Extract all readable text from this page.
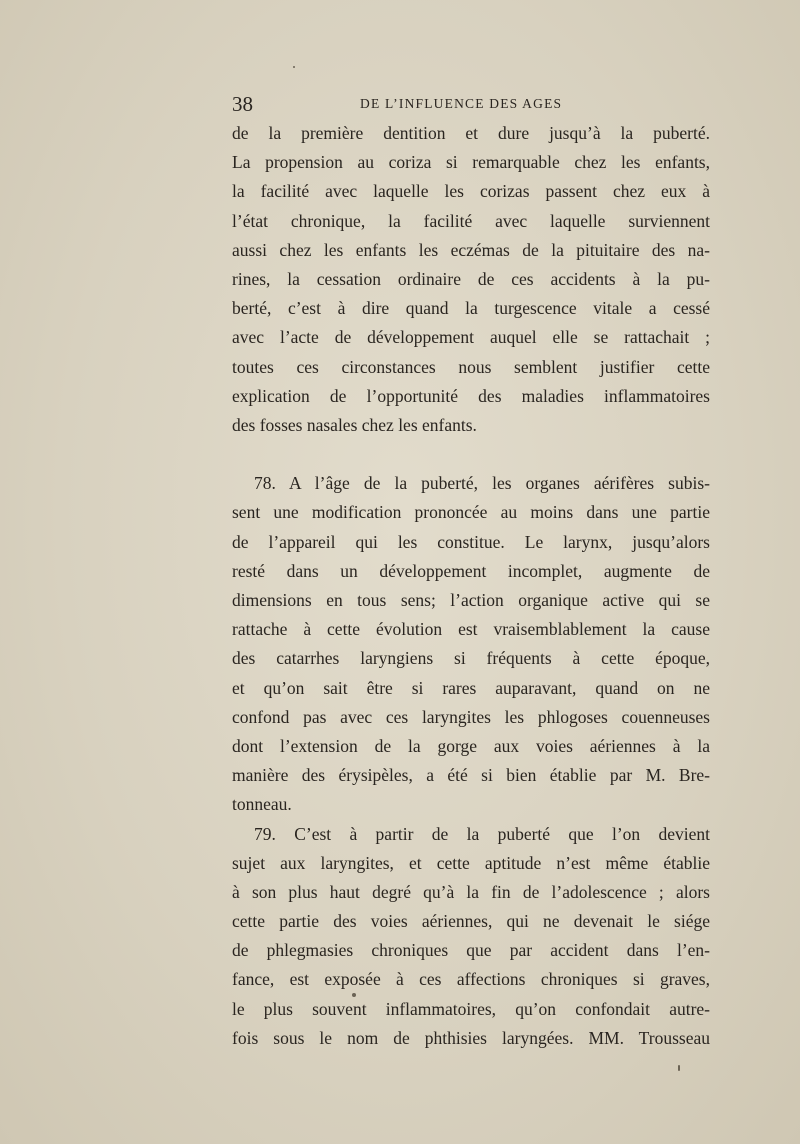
38	DE L’INFLUENCE DES AGES
de la première dentition et dure jusqu’à la puberté.
La propension au coriza si remarquable chez les enfants,
la facilité avec laquelle les corizas passent chez eux à
l’état chronique, la facilité avec laquelle surviennent
aussi chez les enfants les eczémas de la pituitaire des na-
rines, la cessation ordinaire de ces accidents à la pu-
berté, c’est à dire quand la turgescence vitale a cessé
avec l’acte de développement auquel elle se rattachait ;
toutes ces circonstances nous semblent justifier cette
explication de l’opportunité des maladies inflammatoires
des fosses nasales chez les enfants.
78. A l’âge de la puberté, les organes aérifères subis-
sent une modification prononcée au moins dans une partie
de l’appareil qui les constitue. Le larynx, jusqu’alors
resté dans un développement incomplet, augmente de
dimensions en tous sens; l’action organique active qui se
rattache à cette évolution est vraisemblablement la cause
des catarrhes laryngiens si fréquents à cette époque,
et qu’on sait être si rares auparavant, quand on ne
confond pas avec ces laryngites les phlogoses couenneuses
dont l’extension de la gorge aux voies aériennes à la
manière des érysipèles, a été si bien établie par M. Bre-
tonneau.
79. C’est à partir de la puberté que l’on devient
sujet aux laryngites, et cette aptitude n’est même établie
à son plus haut degré qu’à la fin de l’adolescence ; alors
cette partie des voies aériennes, qui ne devenait le siége
de phlegmasies chroniques que par accident dans l’en-
fance, est exposée à ces affections chroniques si graves,
le plus souvent inflammatoires, qu’on confondait autre-
fois sous le nom de phthisies laryngées. MM. Trousseau
